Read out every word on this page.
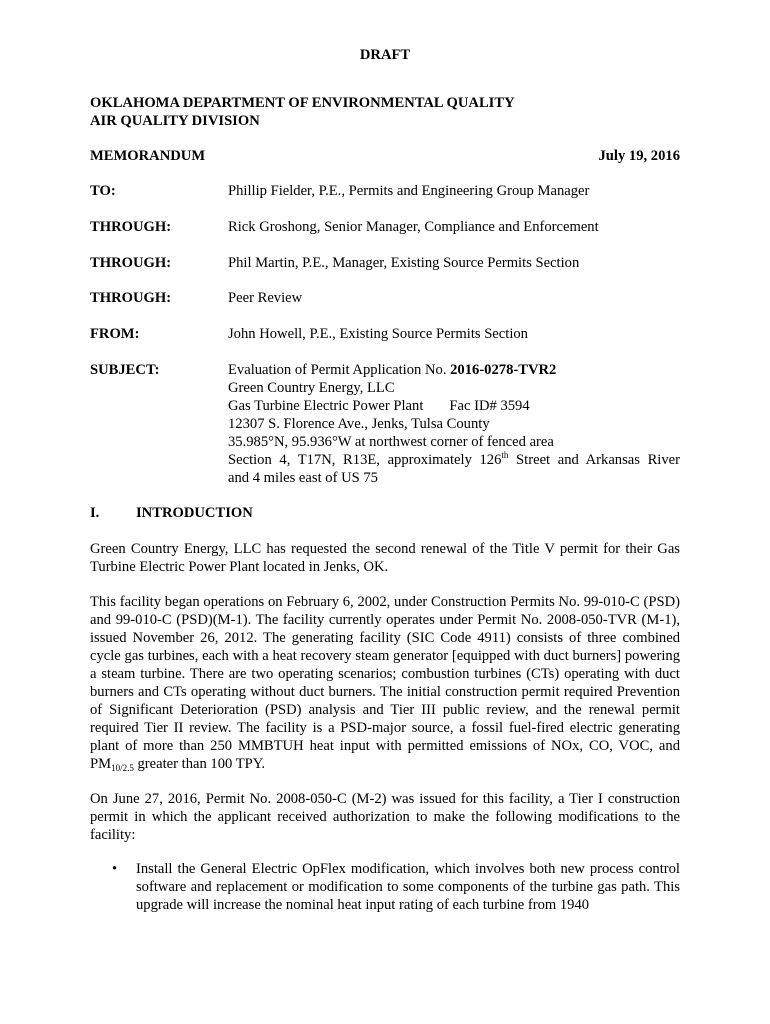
DRAFT
OKLAHOMA DEPARTMENT OF ENVIRONMENTAL QUALITY
AIR QUALITY DIVISION
MEMORANDUM	July 19, 2016
TO:	Phillip Fielder, P.E., Permits and Engineering Group Manager
THROUGH:	Rick Groshong, Senior Manager, Compliance and Enforcement
THROUGH:	Phil Martin, P.E., Manager, Existing Source Permits Section
THROUGH:	Peer Review
FROM:	John Howell, P.E., Existing Source Permits Section
SUBJECT:	Evaluation of Permit Application No. 2016-0278-TVR2
Green Country Energy, LLC
Gas Turbine Electric Power Plant Fac ID# 3594
12307 S. Florence Ave., Jenks, Tulsa County
35.985°N, 95.936°W at northwest corner of fenced area
Section 4, T17N, R13E, approximately 126th Street and Arkansas River
and 4 miles east of US 75
I.	INTRODUCTION
Green Country Energy, LLC has requested the second renewal of the Title V permit for their Gas Turbine Electric Power Plant located in Jenks, OK.
This facility began operations on February 6, 2002, under Construction Permits No. 99-010-C (PSD) and 99-010-C (PSD)(M-1). The facility currently operates under Permit No. 2008-050-TVR (M-1), issued November 26, 2012. The generating facility (SIC Code 4911) consists of three combined cycle gas turbines, each with a heat recovery steam generator [equipped with duct burners] powering a steam turbine. There are two operating scenarios; combustion turbines (CTs) operating with duct burners and CTs operating without duct burners. The initial construction permit required Prevention of Significant Deterioration (PSD) analysis and Tier III public review, and the renewal permit required Tier II review. The facility is a PSD-major source, a fossil fuel-fired electric generating plant of more than 250 MMBTUH heat input with permitted emissions of NOx, CO, VOC, and $PM_{10/2.5}$ greater than 100 TPY.
On June 27, 2016, Permit No. 2008-050-C (M-2) was issued for this facility, a Tier I construction permit in which the applicant received authorization to make the following modifications to the facility:
• Install the General Electric OpFlex modification, which involves both new process control software and replacement or modification to some components of the turbine gas path. This upgrade will increase the nominal heat input rating of each turbine from 1940
